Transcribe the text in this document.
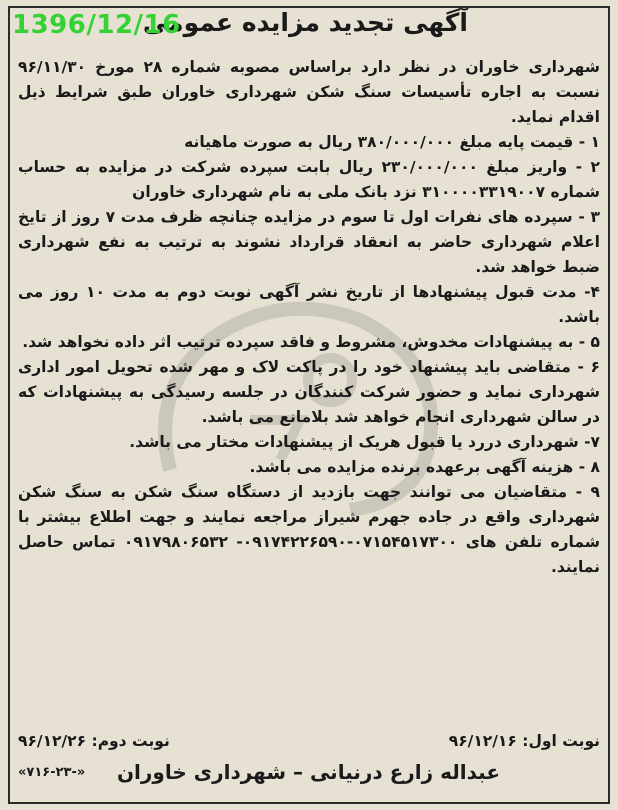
1396/12/16
آگهی تجدید مزایده عمومی

شهرداری خاوران در نظر دارد براساس مصوبه شماره ۲۸ مورخ ۹۶/۱۱/۳۰ نسبت به اجاره تأسیسات سنگ شکن شهرداری خاوران طبق شرایط ذیل اقدام نماید.

۱ - قیمت پایه مبلغ ۳۸۰/۰۰۰/۰۰۰ ریال به صورت ماهیانه

۲ - واریز مبلغ ۲۳۰/۰۰۰/۰۰۰ ریال بابت سپرده شرکت در مزایده به حساب شماره ۳۱۰۰۰۰۳۳۱۹۰۰۷ نزد بانک ملی به نام شهرداری خاوران

۳ - سپرده های نفرات اول تا سوم در مزایده چنانچه ظرف مدت ۷ روز از تایخ اعلام شهرداری حاضر به انعقاد قرارداد نشوند به ترتیب به نفع شهرداری ضبط خواهد شد.

۴- مدت قبول پیشنهادها از تاریخ نشر آگهی نوبت دوم به مدت ۱۰ روز می باشد.

۵ - به پیشنهادات مخدوش، مشروط و فاقد سپرده ترتیب اثر داده نخواهد شد.

۶ - متقاضی باید پیشنهاد خود را در پاکت لاک و مهر شده تحویل امور اداری شهرداری نماید و حضور شرکت کنندگان در جلسه رسیدگی به پیشنهادات که در سالن شهرداری انجام خواهد شد بلامانع می باشد.

۷- شهرداری دررد یا قبول هریک از پیشنهادات مختار می باشد.

۸ - هزینه آگهی برعهده برنده مزایده می باشد.

۹ - متقاضیان می توانند جهت بازدید از دستگاه سنگ شکن به سنگ شکن شهرداری واقع در جاده جهرم شیراز مراجعه نمایند و جهت اطلاع بیشتر با شماره تلفن های ۰۷۱۵۴۵۱۷۳۰۰-۰۹۱۷۴۲۲۶۵۹۰- ۰۹۱۷۹۸۰۶۵۳۲ تماس حاصل نمایند.

نوبت اول: ۹۶/۱۲/۱۶
نوبت دوم: ۹۶/۱۲/۲۶
عبداله زارع درنیانی – شهرداری خاوران
«۷۱۶-۲۳-»
